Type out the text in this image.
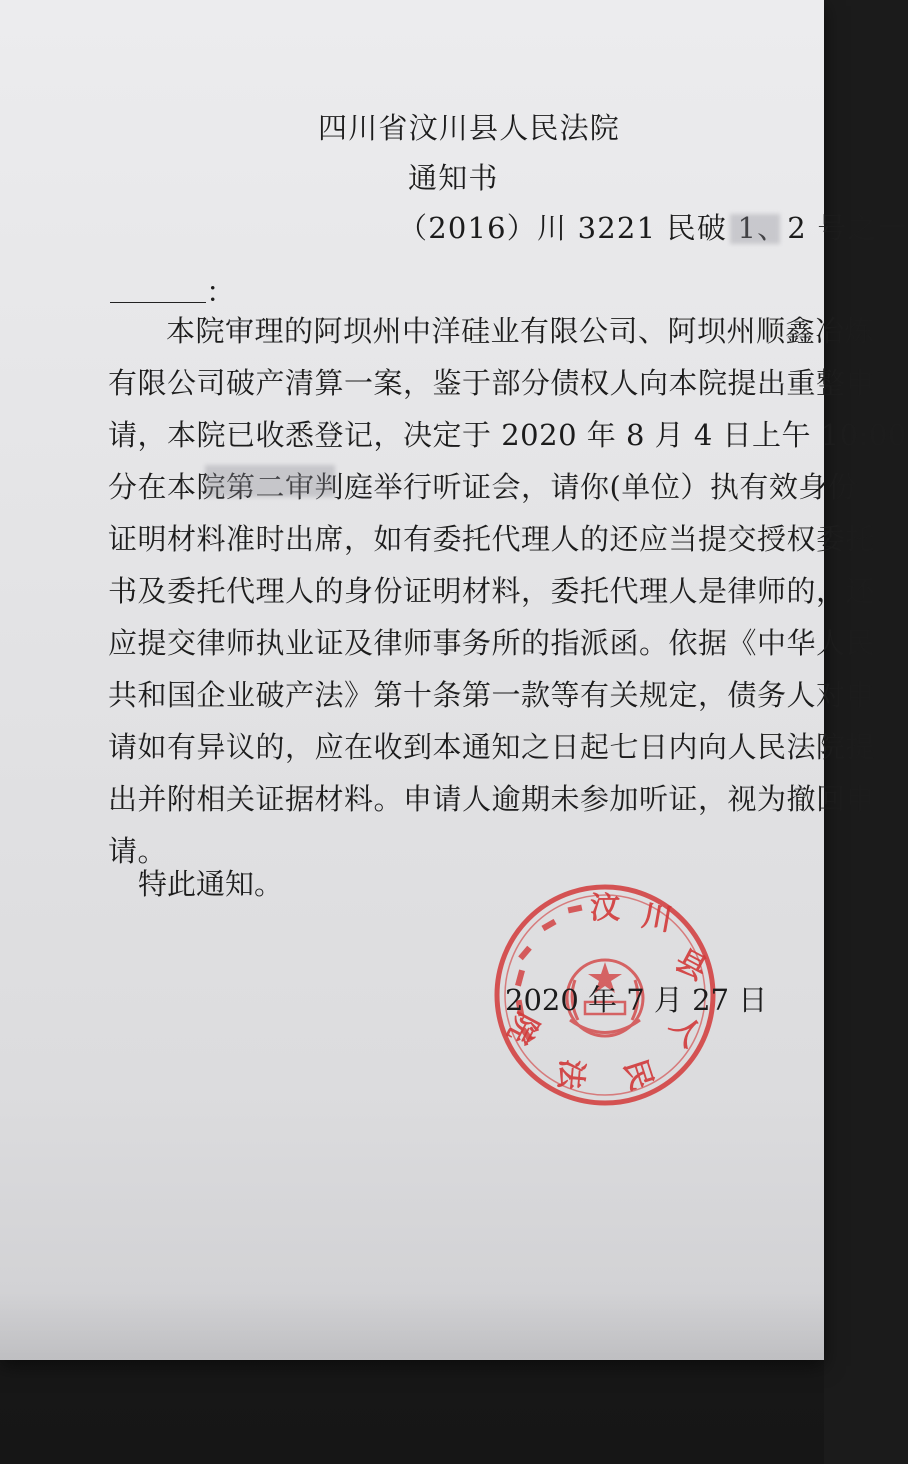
四川省汶川县人民法院
通知书
（2016）川 3221 民破 1、2 号之一
：
本院审理的阿坝州中洋硅业有限公司、阿坝州顺鑫冶炼
有限公司破产清算一案，鉴于部分债权人向本院提出重整申
请，本院已收悉登记，决定于 2020 年 8 月 4 日上午 10:00
分在本院第二审判庭举行听证会，请你(单位）执有效身份
证明材料准时出席，如有委托代理人的还应当提交授权委托
书及委托代理人的身份证明材料，委托代理人是律师的，还
应提交律师执业证及律师事务所的指派函。依据《中华人民
共和国企业破产法》第十条第一款等有关规定，债务人对申
请如有异议的，应在收到本通知之日起七日内向人民法院提
出并附相关证据材料。申请人逾期未参加听证，视为撤回申
请。
特此通知。
汶 川
县
人
民
法
院
2020 年 7 月 27 日
